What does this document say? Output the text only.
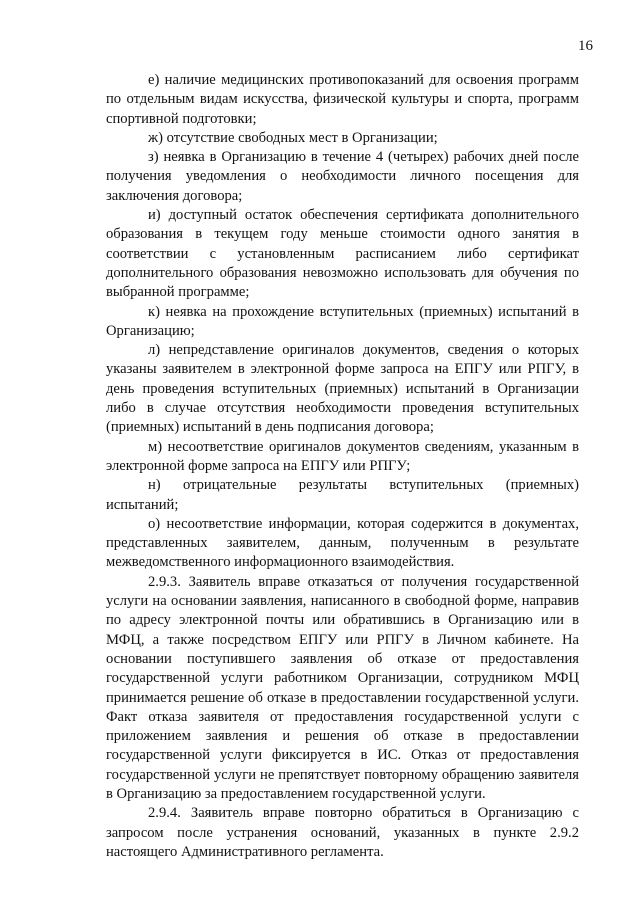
16

е) наличие медицинских противопоказаний для освоения программ по отдельным видам искусства, физической культуры и спорта, программ спортивной подготовки;

ж) отсутствие свободных мест в Организации;

з) неявка в Организацию в течение 4 (четырех) рабочих дней после получения уведомления о необходимости личного посещения для заключения договора;

и) доступный остаток обеспечения сертификата дополнительного образования в текущем году меньше стоимости одного занятия в соответствии с установленным расписанием либо сертификат дополнительного образования невозможно использовать для обучения по выбранной программе;

к) неявка на прохождение вступительных (приемных) испытаний в Организацию;

л) непредставление оригиналов документов, сведения о которых указаны заявителем в электронной форме запроса на ЕПГУ или РПГУ, в день проведения вступительных (приемных) испытаний в Организации либо в случае отсутствия необходимости проведения вступительных (приемных) испытаний в день подписания договора;

м) несоответствие оригиналов документов сведениям, указанным в электронной форме запроса на ЕПГУ или РПГУ;

н) отрицательные результаты вступительных (приемных) испытаний;

о) несоответствие информации, которая содержится в документах, представленных заявителем, данным, полученным в результате межведомственного информационного взаимодействия.

2.9.3. Заявитель вправе отказаться от получения государственной услуги на основании заявления, написанного в свободной форме, направив по адресу электронной почты или обратившись в Организацию или в МФЦ, а также посредством ЕПГУ или РПГУ в Личном кабинете. На основании поступившего заявления об отказе от предоставления государственной услуги работником Организации, сотрудником МФЦ принимается решение об отказе в предоставлении государственной услуги. Факт отказа заявителя от предоставления государственной услуги с приложением заявления и решения об отказе в предоставлении государственной услуги фиксируется в ИС. Отказ от предоставления государственной услуги не препятствует повторному обращению заявителя в Организацию за предоставлением государственной услуги.

2.9.4. Заявитель вправе повторно обратиться в Организацию с запросом после устранения оснований, указанных в пункте 2.9.2 настоящего Административного регламента.
